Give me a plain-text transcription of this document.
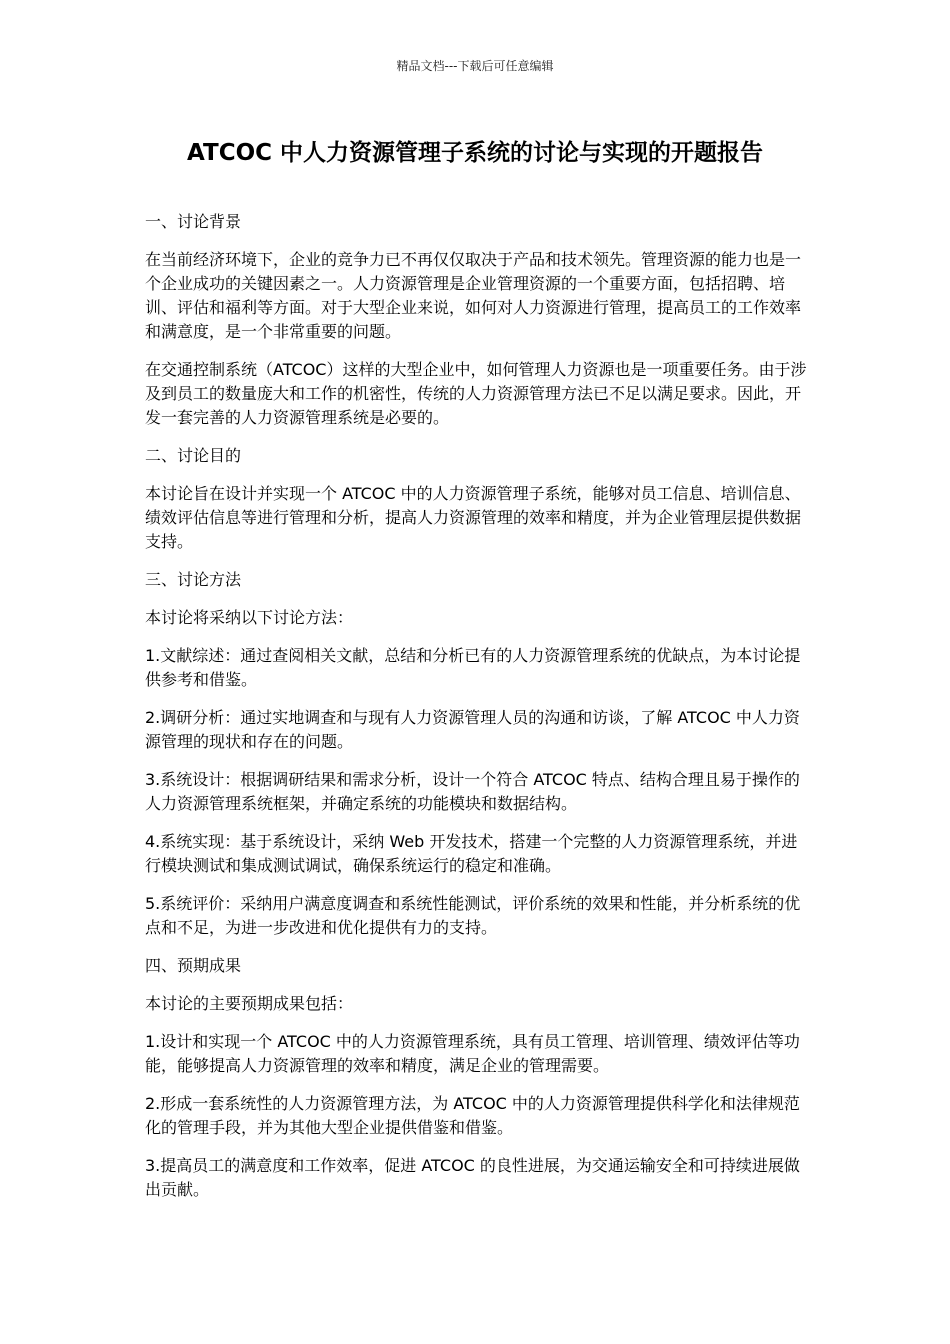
精品文档---下载后可任意编辑
ATCOC 中人力资源管理子系统的讨论与实现的开题报告

一、讨论背景

在当前经济环境下，企业的竞争力已不再仅仅取决于产品和技术领先。管理资源的能力也是一个企业成功的关键因素之一。人力资源管理是企业管理资源的一个重要方面，包括招聘、培训、评估和福利等方面。对于大型企业来说，如何对人力资源进行管理，提高员工的工作效率和满意度，是一个非常重要的问题。

在交通控制系统（ATCOC）这样的大型企业中，如何管理人力资源也是一项重要任务。由于涉及到员工的数量庞大和工作的机密性，传统的人力资源管理方法已不足以满足要求。因此，开发一套完善的人力资源管理系统是必要的。

二、讨论目的

本讨论旨在设计并实现一个 ATCOC 中的人力资源管理子系统，能够对员工信息、培训信息、绩效评估信息等进行管理和分析，提高人力资源管理的效率和精度，并为企业管理层提供数据支持。

三、讨论方法

本讨论将采纳以下讨论方法：

1.文献综述：通过查阅相关文献，总结和分析已有的人力资源管理系统的优缺点，为本讨论提供参考和借鉴。

2.调研分析：通过实地调查和与现有人力资源管理人员的沟通和访谈，了解 ATCOC 中人力资源管理的现状和存在的问题。

3.系统设计：根据调研结果和需求分析，设计一个符合 ATCOC 特点、结构合理且易于操作的人力资源管理系统框架，并确定系统的功能模块和数据结构。

4.系统实现：基于系统设计，采纳 Web 开发技术，搭建一个完整的人力资源管理系统，并进行模块测试和集成测试调试，确保系统运行的稳定和准确。

5.系统评价：采纳用户满意度调查和系统性能测试，评价系统的效果和性能，并分析系统的优点和不足，为进一步改进和优化提供有力的支持。

四、预期成果

本讨论的主要预期成果包括：

1.设计和实现一个 ATCOC 中的人力资源管理系统，具有员工管理、培训管理、绩效评估等功能，能够提高人力资源管理的效率和精度，满足企业的管理需要。

2.形成一套系统性的人力资源管理方法，为 ATCOC 中的人力资源管理提供科学化和法律规范化的管理手段，并为其他大型企业提供借鉴和借鉴。

3.提高员工的满意度和工作效率，促进 ATCOC 的良性进展，为交通运输安全和可持续进展做出贡献。
